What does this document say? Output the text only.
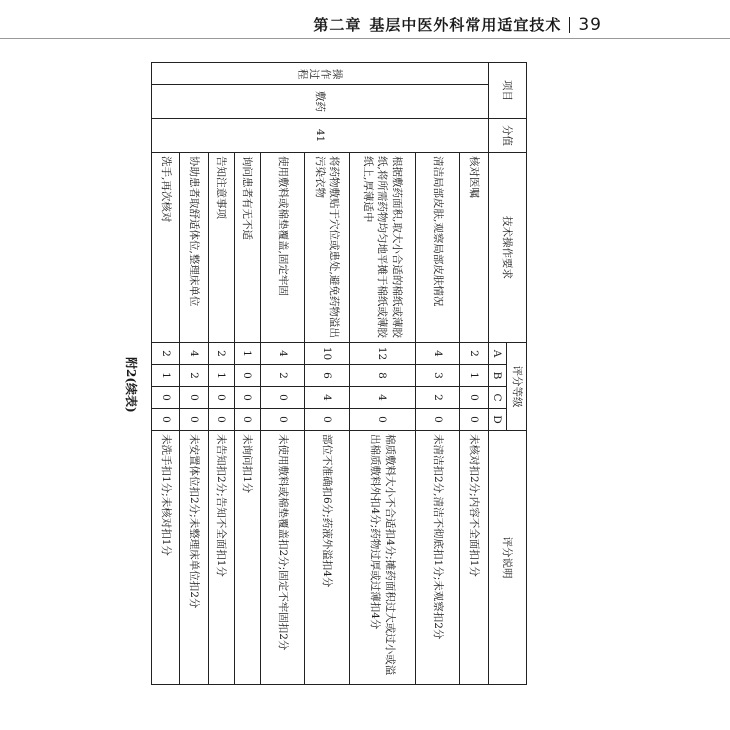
第二章 基层中医外科常用适宜技术 39
附2(续表)
项目		分值	技术操作要求	评分等级				评分说明
				A	B	C	D	
操作过程	敷药	41	核对医嘱	2	1	0	0	未核对扣2分;内容不全面扣1分
			清洁局部皮肤,观察局部皮肤情况	4	3	2	0	未清洁扣2分,清洁不彻底扣1分;未观察扣2分
			根据敷药面积,取大小合适的棉纸或薄胶纸,将所需药物均匀地平摊于棉纸或薄胶纸上,厚薄适中	12	8	4	0	棉质敷料大小不合适扣4分;摊药面积过大或过小或溢出棉质敷料外扣4分;药物过厚或过薄扣4分
			将药物敷贴于穴位或患处,避免药物溢出污染衣物	10	6	4	0	部位不准确扣6分;药液外溢扣4分
			使用敷料或棉垫覆盖,固定牢固	4	2	0	0	未使用敷料或棉垫覆盖扣2分;固定不牢固扣2分
			询问患者有无不适	1	0	0	0	未询问扣1分
			告知注意事项	2	1	0	0	未告知扣2分;告知不全面扣1分
			协助患者取舒适体位,整理床单位	4	2	0	0	未安置体位扣2分;未整理床单位扣2分
			洗手,再次核对	2	1	0	0	未洗手扣1分;未核对扣1分
